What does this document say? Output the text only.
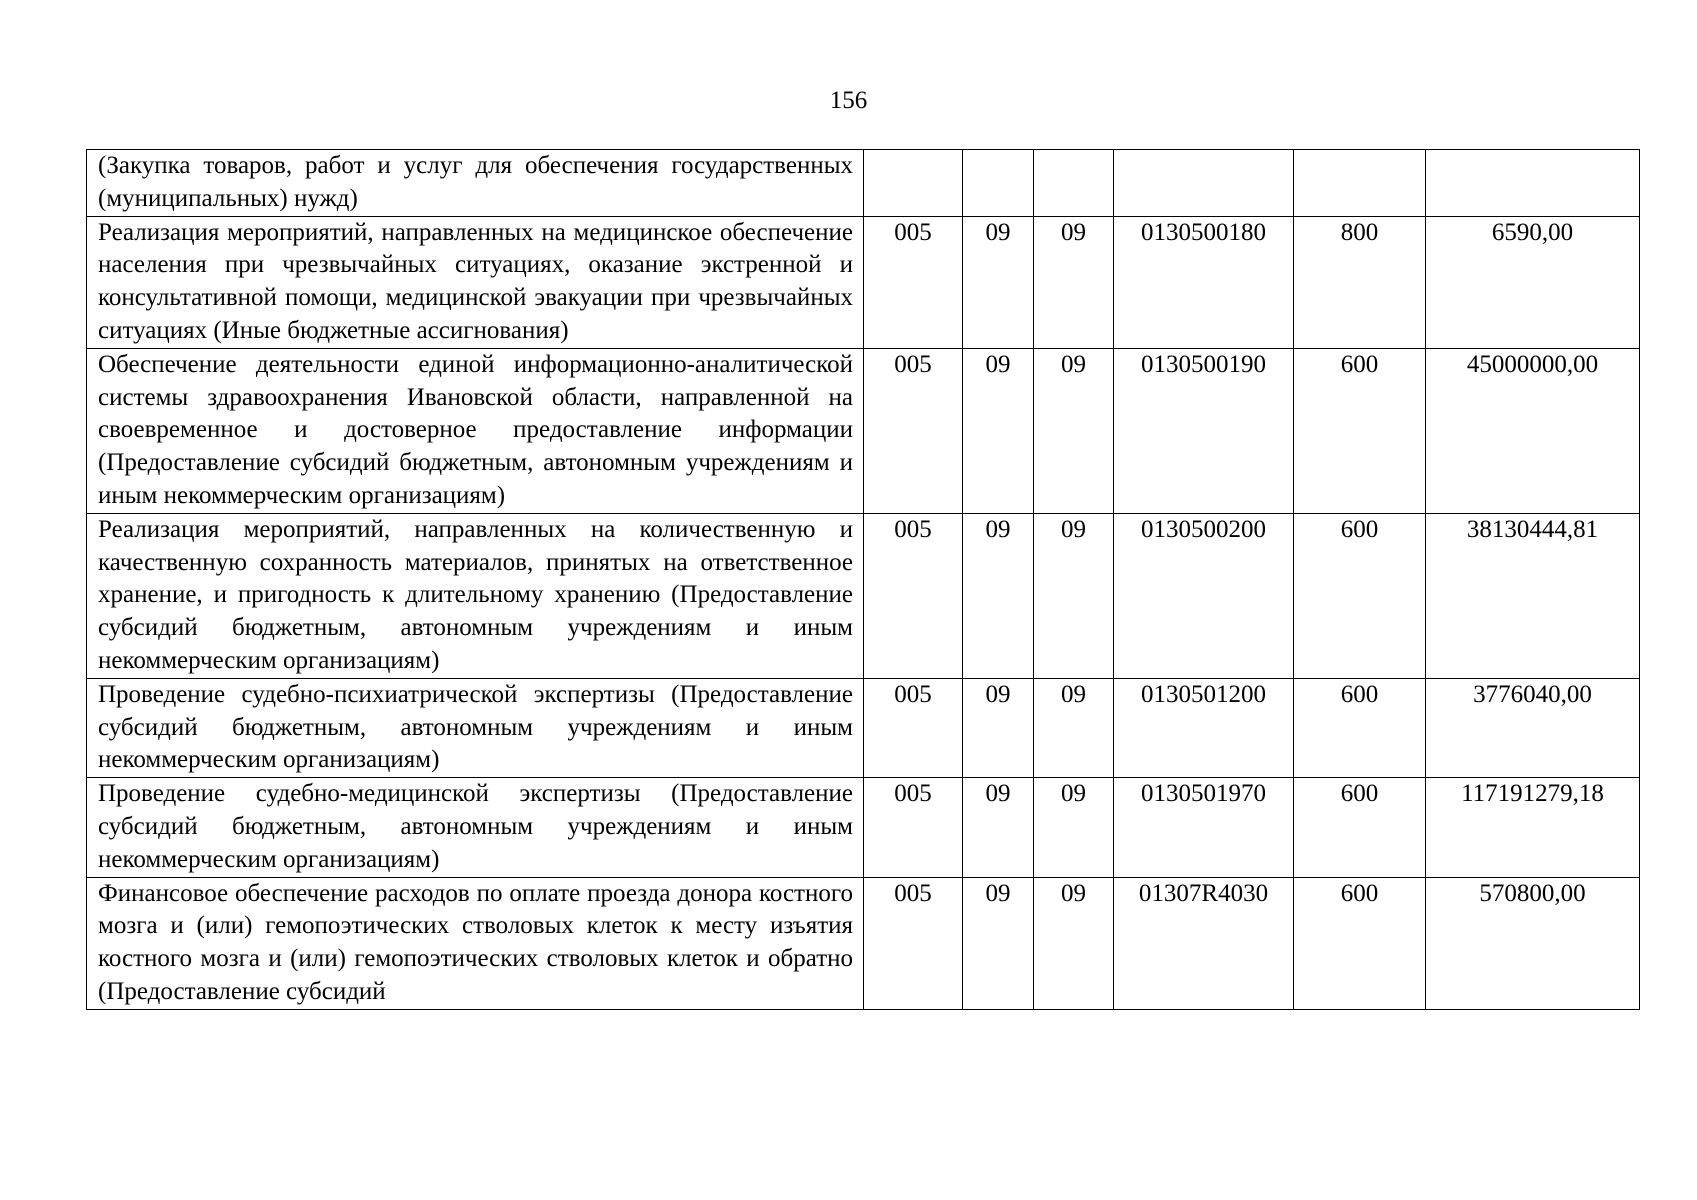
156
(Закупка товаров, работ и услуг для обеспечения государственных (муниципальных) нужд)						
Реализация мероприятий, направленных на медицинское обеспечение населения при чрезвычайных ситуациях, оказание экстренной и консультативной помощи, медицинской эвакуации при чрезвычайных ситуациях (Иные бюджетные ассигнования)	005	09	09	0130500180	800	6590,00
Обеспечение деятельности единой информационно-аналитической системы здравоохранения Ивановской области, направленной на своевременное и достоверное предоставление информации (Предоставление субсидий бюджетным, автономным учреждениям и иным некоммерческим организациям)	005	09	09	0130500190	600	45000000,00
Реализация мероприятий, направленных на количественную и качественную сохранность материалов, принятых на ответственное хранение, и пригодность к длительному хранению (Предоставление субсидий бюджетным, автономным учреждениям и иным некоммерческим организациям)	005	09	09	0130500200	600	38130444,81
Проведение судебно-психиатрической экспертизы (Предоставление субсидий бюджетным, автономным учреждениям и иным некоммерческим организациям)	005	09	09	0130501200	600	3776040,00
Проведение судебно-медицинской экспертизы (Предоставление субсидий бюджетным, автономным учреждениям и иным некоммерческим организациям)	005	09	09	0130501970	600	117191279,18
Финансовое обеспечение расходов по оплате проезда донора костного мозга и (или) гемопоэтических стволовых клеток к месту изъятия костного мозга и (или) гемопоэтических стволовых клеток и обратно (Предоставление субсидий	005	09	09	01307R4030	600	570800,00
